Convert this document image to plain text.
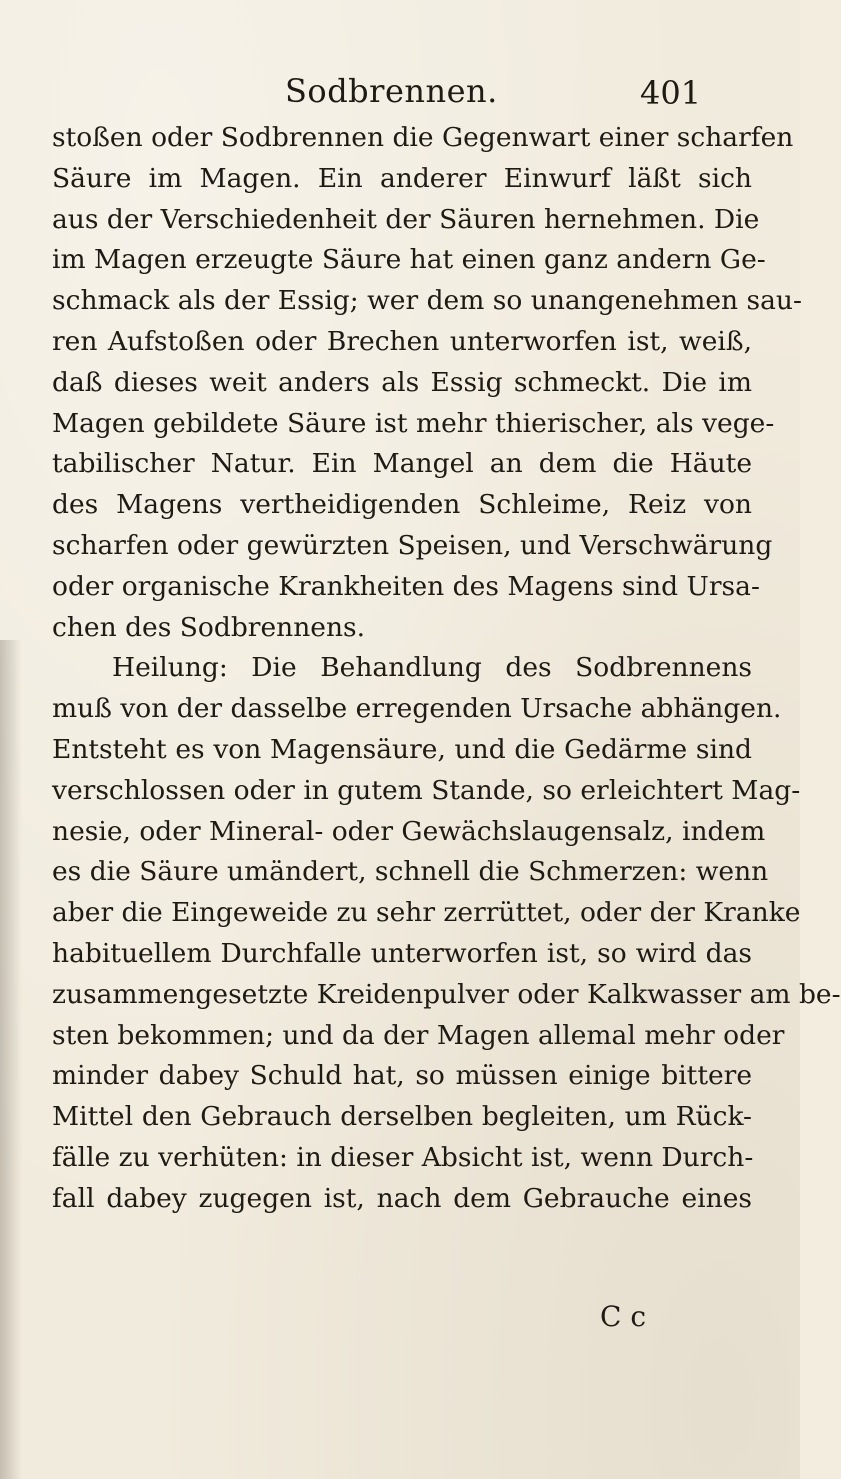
Sodbrennen.	401
stoßen oder Sodbrennen die Gegenwart einer scharfen
Säure im Magen. Ein anderer Einwurf läßt sich
aus der Verschiedenheit der Säuren hernehmen. Die
im Magen erzeugte Säure hat einen ganz andern Ge-
schmack als der Essig; wer dem so unangenehmen sau-
ren Aufstoßen oder Brechen unterworfen ist, weiß,
daß dieses weit anders als Essig schmeckt. Die im
Magen gebildete Säure ist mehr thierischer, als vege-
tabilischer Natur. Ein Mangel an dem die Häute
des Magens vertheidigenden Schleime, Reiz von
scharfen oder gewürzten Speisen, und Verschwärung
oder organische Krankheiten des Magens sind Ursa-
chen des Sodbrennens.
Heilung: Die Behandlung des Sodbrennens
muß von der dasselbe erregenden Ursache abhängen.
Entsteht es von Magensäure, und die Gedärme sind
verschlossen oder in gutem Stande, so erleichtert Mag-
nesie, oder Mineral- oder Gewächslaugensalz, indem
es die Säure umändert, schnell die Schmerzen: wenn
aber die Eingeweide zu sehr zerrüttet, oder der Kranke
habituellem Durchfalle unterworfen ist, so wird das
zusammengesetzte Kreidenpulver oder Kalkwasser am be-
sten bekommen; und da der Magen allemal mehr oder
minder dabey Schuld hat, so müssen einige bittere
Mittel den Gebrauch derselben begleiten, um Rück-
fälle zu verhüten: in dieser Absicht ist, wenn Durch-
fall dabey zugegen ist, nach dem Gebrauche eines
C c
